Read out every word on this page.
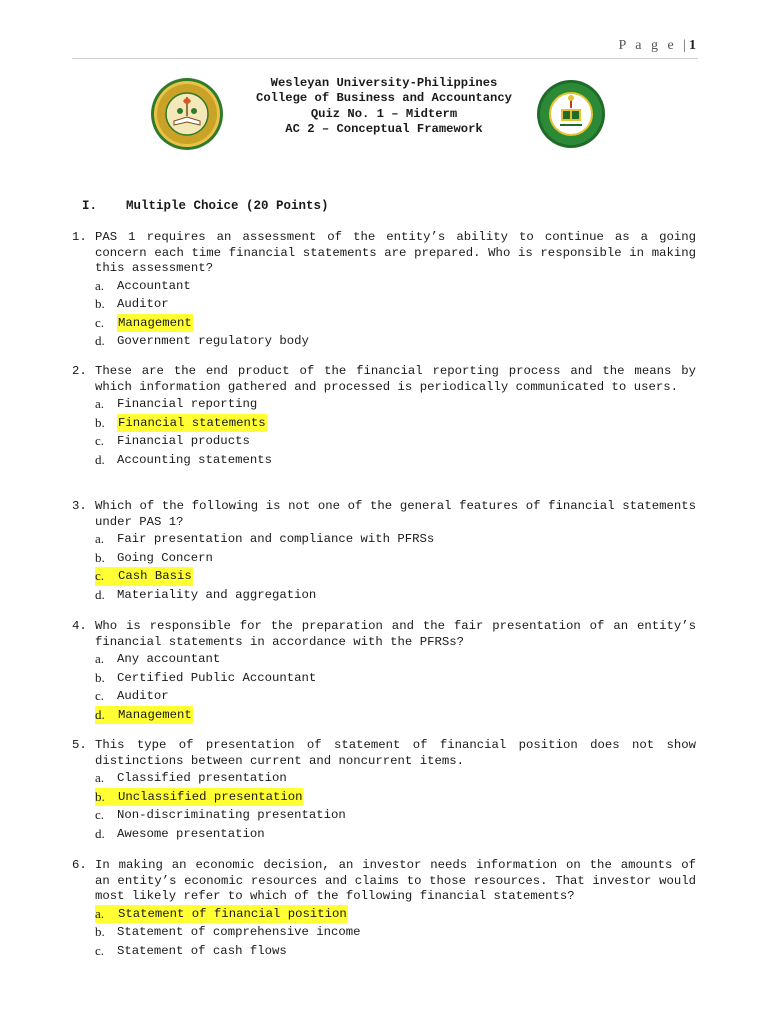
P a g e |1
Wesleyan University-Philippines
College of Business and Accountancy
Quiz No. 1 – Midterm
AC 2 – Conceptual Framework
I. Multiple Choice (20 Points)
1. PAS 1 requires an assessment of the entity’s ability to continue as a going concern each time financial statements are prepared. Who is responsible in making this assessment?
a.	Accountant
b. Auditor
c.	Management
d. Government regulatory body
2. These are the end product of the financial reporting process and the means by which information gathered and processed is periodically communicated to users.
a.	Financial reporting
b.	Financial statements
c.	Financial products
d. Accounting statements
3. Which of the following is not one of the general features of financial statements under PAS 1?
a.	Fair presentation and compliance with PFRSs
b. Going Concern
c.	Cash Basis
d. Materiality and aggregation
4. Who is responsible for the preparation and the fair presentation of an entity’s financial statements in accordance with the PFRSs?
a.	Any accountant
b. Certified Public Accountant
c.	Auditor
d.	Management
5. This type of presentation of statement of financial position does not show distinctions between current and noncurrent items.
a.	Classified presentation
b.	Unclassified presentation
c.	Non-discriminating presentation
d. Awesome presentation
6. In making an economic decision, an investor needs information on the amounts of an entity’s economic resources and claims to those resources. That investor would most likely refer to which of the following financial statements?
a.	Statement of financial position
b. Statement of comprehensive income
c.	Statement of cash flows
